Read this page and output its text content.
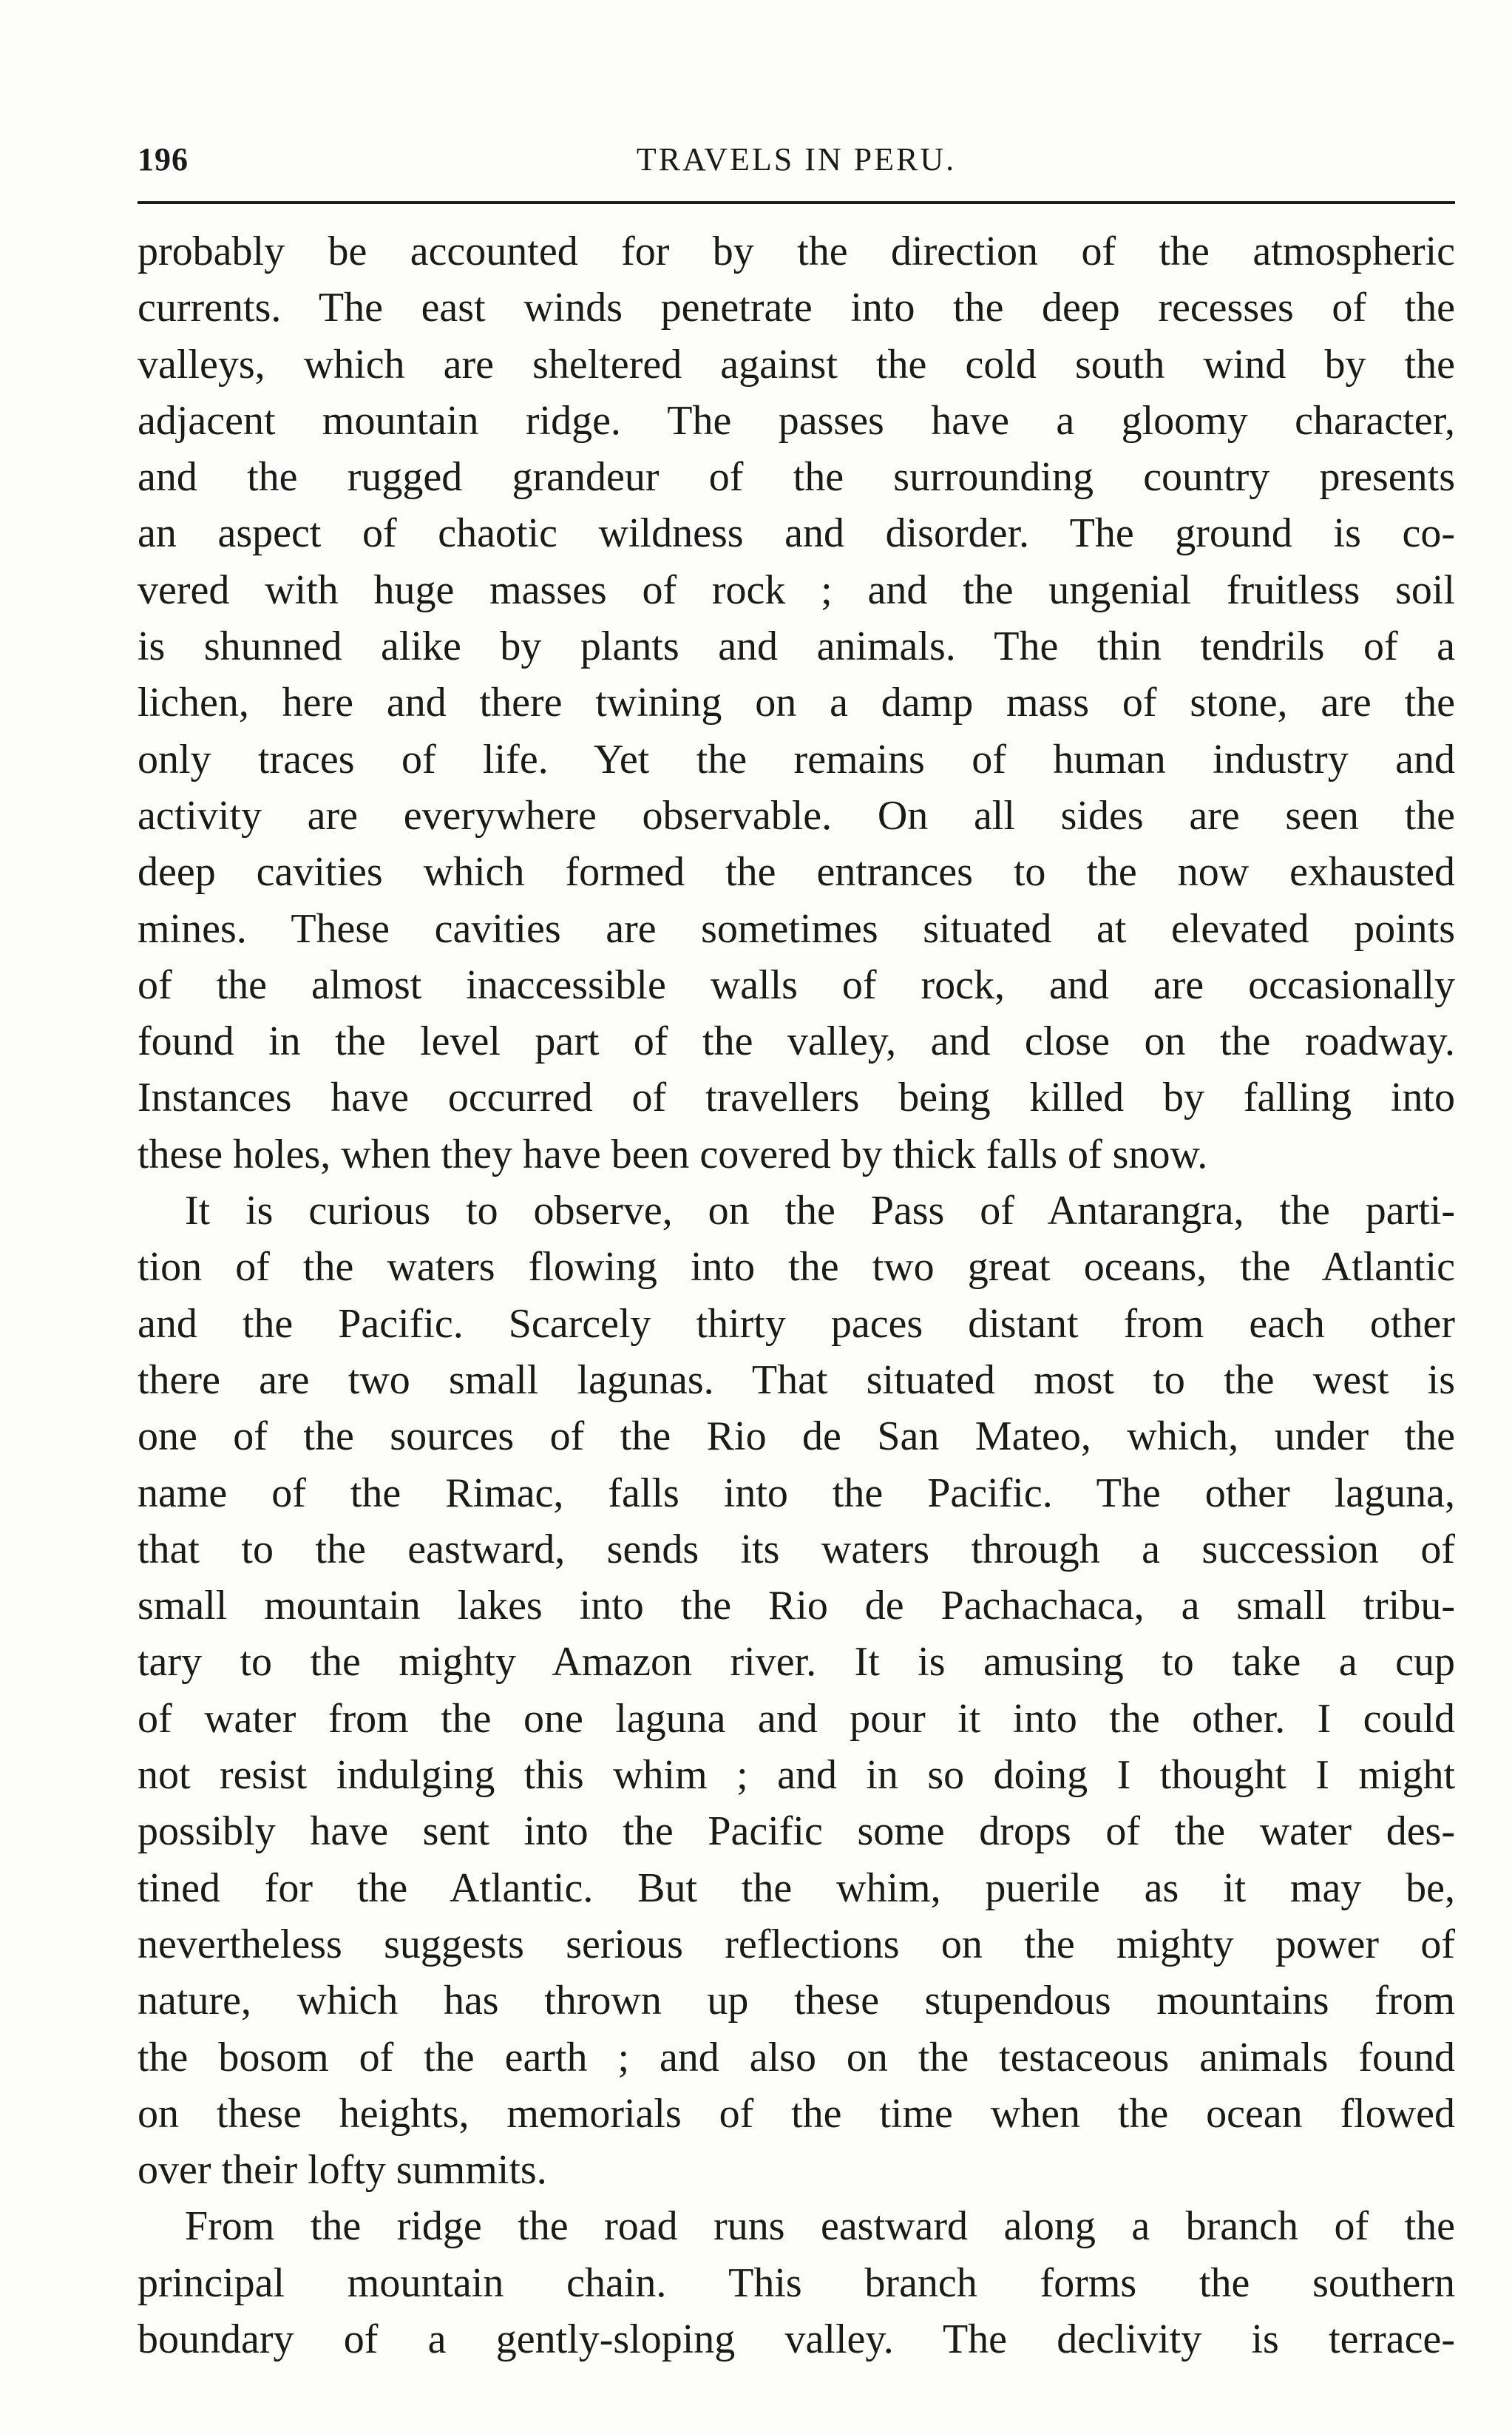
196	TRAVELS IN PERU.
probably be accounted for by the direction of the atmospheric
currents. The east winds penetrate into the deep recesses of the
valleys, which are sheltered against the cold south wind by the
adjacent mountain ridge. The passes have a gloomy character,
and the rugged grandeur of the surrounding country presents
an aspect of chaotic wildness and disorder. The ground is co-
vered with huge masses of rock ; and the ungenial fruitless soil
is shunned alike by plants and animals. The thin tendrils of a
lichen, here and there twining on a damp mass of stone, are the
only traces of life. Yet the remains of human industry and
activity are everywhere observable. On all sides are seen the
deep cavities which formed the entrances to the now exhausted
mines. These cavities are sometimes situated at elevated points
of the almost inaccessible walls of rock, and are occasionally
found in the level part of the valley, and close on the roadway.
Instances have occurred of travellers being killed by falling into
these holes, when they have been covered by thick falls of snow.
It is curious to observe, on the Pass of Antarangra, the parti-
tion of the waters flowing into the two great oceans, the Atlantic
and the Pacific. Scarcely thirty paces distant from each other
there are two small lagunas. That situated most to the west is
one of the sources of the Rio de San Mateo, which, under the
name of the Rimac, falls into the Pacific. The other laguna,
that to the eastward, sends its waters through a succession of
small mountain lakes into the Rio de Pachachaca, a small tribu-
tary to the mighty Amazon river. It is amusing to take a cup
of water from the one laguna and pour it into the other. I could
not resist indulging this whim ; and in so doing I thought I might
possibly have sent into the Pacific some drops of the water des-
tined for the Atlantic. But the whim, puerile as it may be,
nevertheless suggests serious reflections on the mighty power of
nature, which has thrown up these stupendous mountains from
the bosom of the earth ; and also on the testaceous animals found
on these heights, memorials of the time when the ocean flowed
over their lofty summits.
From the ridge the road runs eastward along a branch of the
principal mountain chain. This branch forms the southern
boundary of a gently-sloping valley. The declivity is terrace-
